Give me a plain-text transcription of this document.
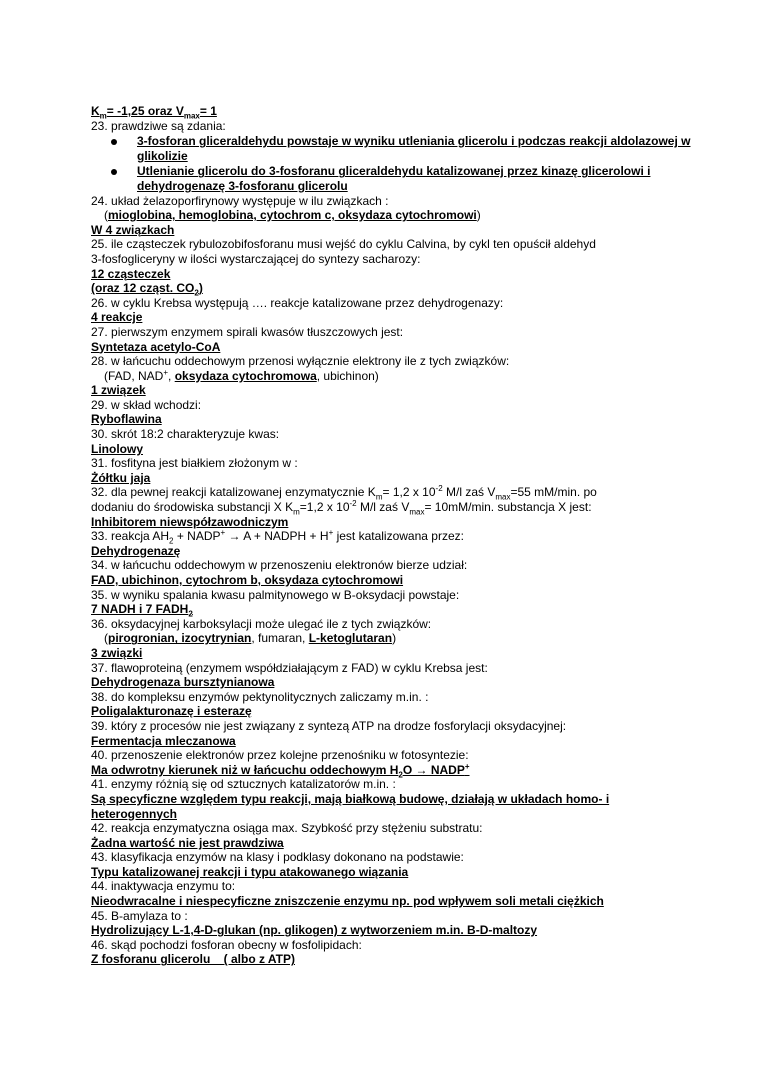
$K_m= -1,25$ oraz $V_{max}= 1$
23. prawdziwe są zdania:
3-fosforan gliceraldehydu powstaje w wyniku utleniania glicerolu i podczas reakcji aldolazowej w glikolizie
Utlenianie glicerolu do 3-fosforanu gliceraldehydu katalizowanej przez kinazę glicerolowi i dehydrogenazę 3-fosforanu glicerolu
24. układ żelazoporfirynowy występuje w ilu związkach :
(mioglobina, hemoglobina, cytochrom c, oksydaza cytochromowi)
W 4 związkach
25. ile cząsteczek rybulozobifosforanu musi wejść do cyklu Calvina, by cykl ten opuścił aldehyd
3-fosfogliceryny w ilości wystarczającej do syntezy sacharozy:
12 cząsteczek
(oraz 12 cząst. $CO_2$)
26. w cyklu Krebsa występują …. reakcje katalizowane przez dehydrogenazy:
4 reakcje
27. pierwszym enzymem spirali kwasów tłuszczowych jest:
Syntetaza acetylo-CoA
28. w łańcuchu oddechowym przenosi wyłącznie elektrony ile z tych związków:
(FAD, NAD+, oksydaza cytochromowa, ubichinon)
1 związek
29. w skład wchodzi:
Ryboflawina
30. skrót 18:2 charakteryzuje kwas:
Linolowy
31. fosfityna jest białkiem złożonym w :
Żółtku jaja
32. dla pewnej reakcji katalizowanej enzymatycznie $K_m= 1,2$ x $10^{-2}$ M/l zaś $V_{max}=55$ mM/min. po
dodaniu do środowiska substancji X $K_m=1,2$ x $10^{-2}$ M/l zaś $V_{max}= 10mM/\min$. substancja X jest:
Inhibitorem niewspółzawodniczym
33. reakcja $AH_2$ + NADP+ → A + NADPH + H+ jest katalizowana przez:
Dehydrogenazę
34. w łańcuchu oddechowym w przenoszeniu elektronów bierze udział:
FAD, ubichinon, cytochrom b, oksydaza cytochromowi
35. w wyniku spalania kwasu palmitynowego w B-oksydacji powstaje:
7 NADH i 7 $FADH_2$
36. oksydacyjnej karboksylacji może ulegać ile z tych związków:
(pirogronian, izocytrynian, fumaran, L-ketoglutaran)
3 związki
37. flawoproteiną (enzymem współdziałającym z FAD) w cyklu Krebsa jest:
Dehydrogenaza bursztynianowa
38. do kompleksu enzymów pektynolitycznych zaliczamy m.in. :
Poligalakturonazę i esterazę
39. który z procesów nie jest związany z syntezą ATP na drodze fosforylacji oksydacyjnej:
Fermentacja mleczanowa
40. przenoszenie elektronów przez kolejne przenośniku w fotosyntezie:
Ma odwrotny kierunek niż w łańcuchu oddechowym $H_2O$ → NADP+
41. enzymy różnią się od sztucznych katalizatorów m.in. :
Są specyficzne względem typu reakcji, mają białkową budowę, działają w układach homo- i heterogennych
42. reakcja enzymatyczna osiąga max. Szybkość przy stężeniu substratu:
Żadna wartość nie jest prawdziwa
43. klasyfikacja enzymów na klasy i podklasy dokonano na podstawie:
Typu katalizowanej reakcji i typu atakowanego wiązania
44. inaktywacja enzymu to:
Nieodwracalne i niespecyficzne zniszczenie enzymu np. pod wpływem soli metali ciężkich
45. B-amylaza to :
Hydrolizujący L-1,4-D-glukan (np. glikogen) z wytworzeniem m.in. B-D-maltozy
46. skąd pochodzi fosforan obecny w fosfolipidach:
Z fosforanu glicerolu    ( albo z ATP)
